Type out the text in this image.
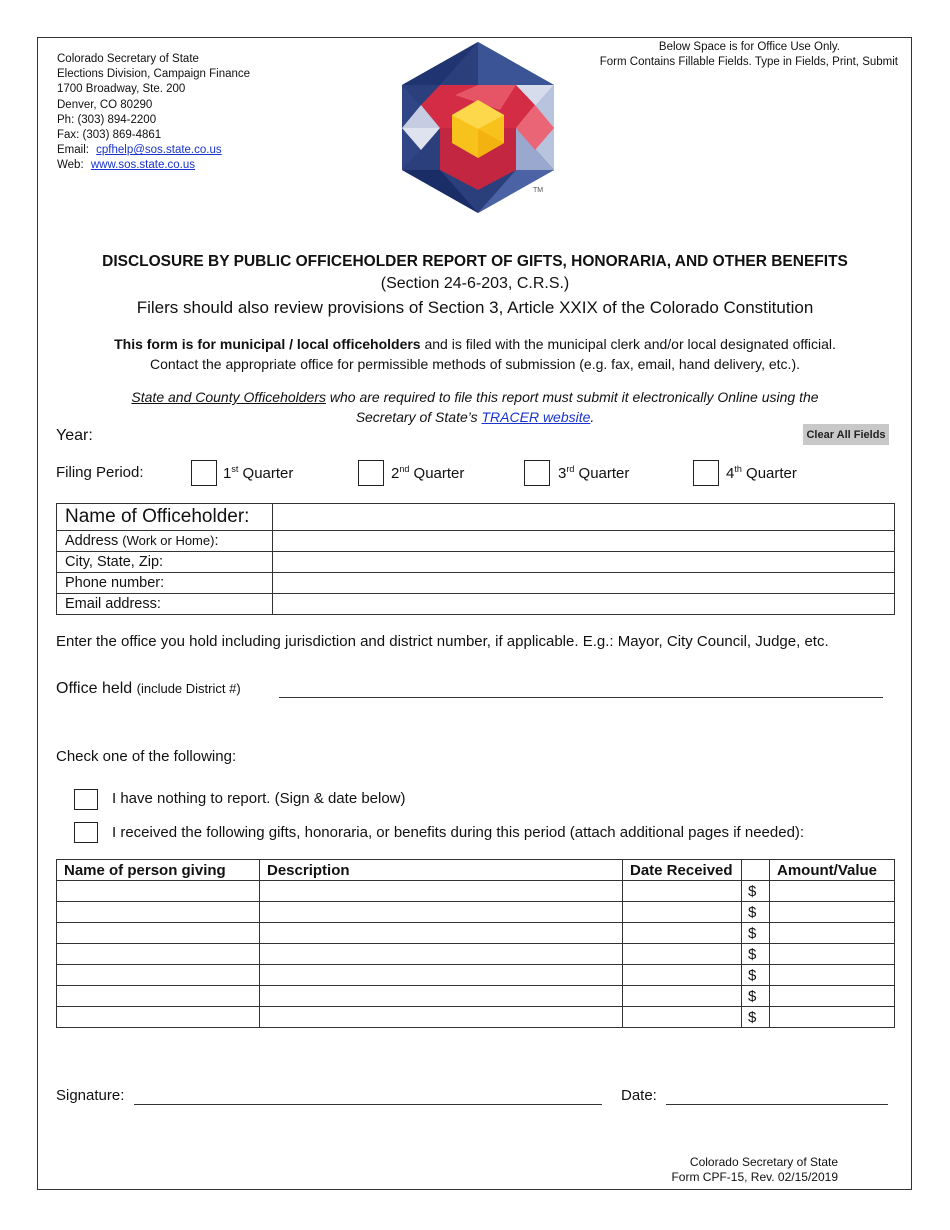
Colorado Secretary of State
Elections Division, Campaign Finance
1700 Broadway, Ste. 200
Denver, CO 80290
Ph: (303) 894-2200
Fax: (303) 869-4861
Email: cpfhelp@sos.state.co.us
Web: www.sos.state.co.us
TM
Below Space is for Office Use Only.
Form Contains Fillable Fields. Type in Fields, Print, Submit
DISCLOSURE BY PUBLIC OFFICEHOLDER REPORT OF GIFTS, HONORARIA, AND OTHER BENEFITS
(Section 24-6-203, C.R.S.)
Filers should also review provisions of Section 3, Article XXIX of the Colorado Constitution
This form is for municipal / local officeholders and is filed with the municipal clerk and/or local designated official.
Contact the appropriate office for permissible methods of submission (e.g. fax, email, hand delivery, etc.).
State and County Officeholders who are required to file this report must submit it electronically Online using the
Secretary of State’s TRACER website.
Year:	Clear All Fields
Filing Period:	1st Quarter	2nd Quarter	3rd Quarter	4th Quarter
Name of Officeholder:	
Address (Work or Home):	
City, State, Zip:	
Phone number:	
Email address:	
Enter the office you hold including jurisdiction and district number, if applicable. E.g.: Mayor, City Council, Judge, etc.
Office held (include District #)
Check one of the following:
I have nothing to report. (Sign & date below)
I received the following gifts, honoraria, or benefits during this period (attach additional pages if needed):
Name of person giving	Description	Date Received		Amount/Value
			$	
			$	
			$	
			$	
			$	
			$	
			$	
Signature:	Date:
Colorado Secretary of State
Form CPF-15, Rev. 02/15/2019
